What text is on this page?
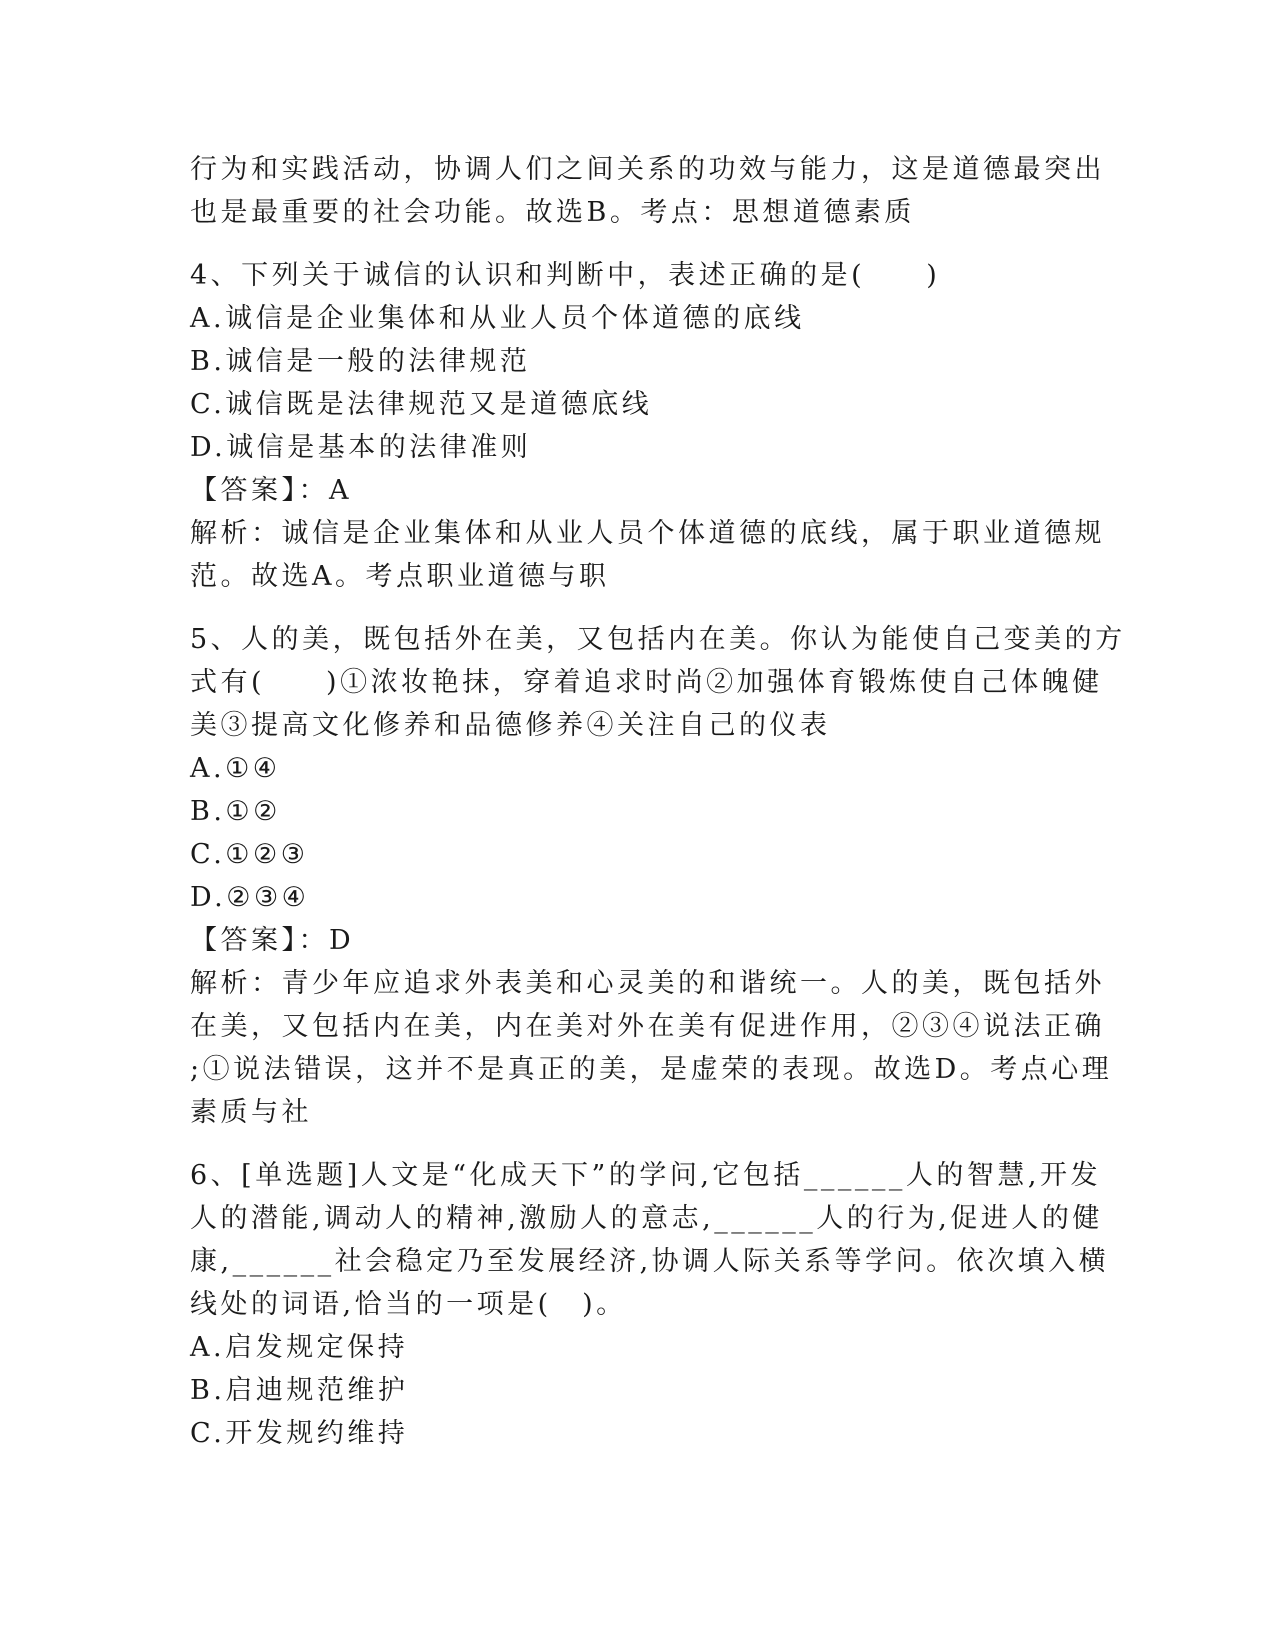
行为和实践活动，协调人们之间关系的功效与能力，这是道德最突出
也是最重要的社会功能。故选B。考点：思想道德素质
4、下列关于诚信的认识和判断中，表述正确的是(　　)
A.诚信是企业集体和从业人员个体道德的底线
B.诚信是一般的法律规范
C.诚信既是法律规范又是道德底线
D.诚信是基本的法律准则
【答案】：A
解析：诚信是企业集体和从业人员个体道德的底线，属于职业道德规
范。故选A。考点职业道德与职
5、人的美，既包括外在美，又包括内在美。你认为能使自己变美的方
式有(　　)①浓妆艳抹，穿着追求时尚②加强体育锻炼使自己体魄健
美③提高文化修养和品德修养④关注自己的仪表
A.①④
B.①②
C.①②③
D.②③④
【答案】：D
解析：青少年应追求外表美和心灵美的和谐统一。人的美，既包括外
在美，又包括内在美，内在美对外在美有促进作用，②③④说法正确
;①说法错误，这并不是真正的美，是虚荣的表现。故选D。考点心理
素质与社
6、[单选题]人文是“化成天下”的学问,它包括______人的智慧,开发
人的潜能,调动人的精神,激励人的意志,______人的行为,促进人的健
康,______社会稳定乃至发展经济,协调人际关系等学问。依次填入横
线处的词语,恰当的一项是(　)。
A.启发规定保持
B.启迪规范维护
C.开发规约维持
